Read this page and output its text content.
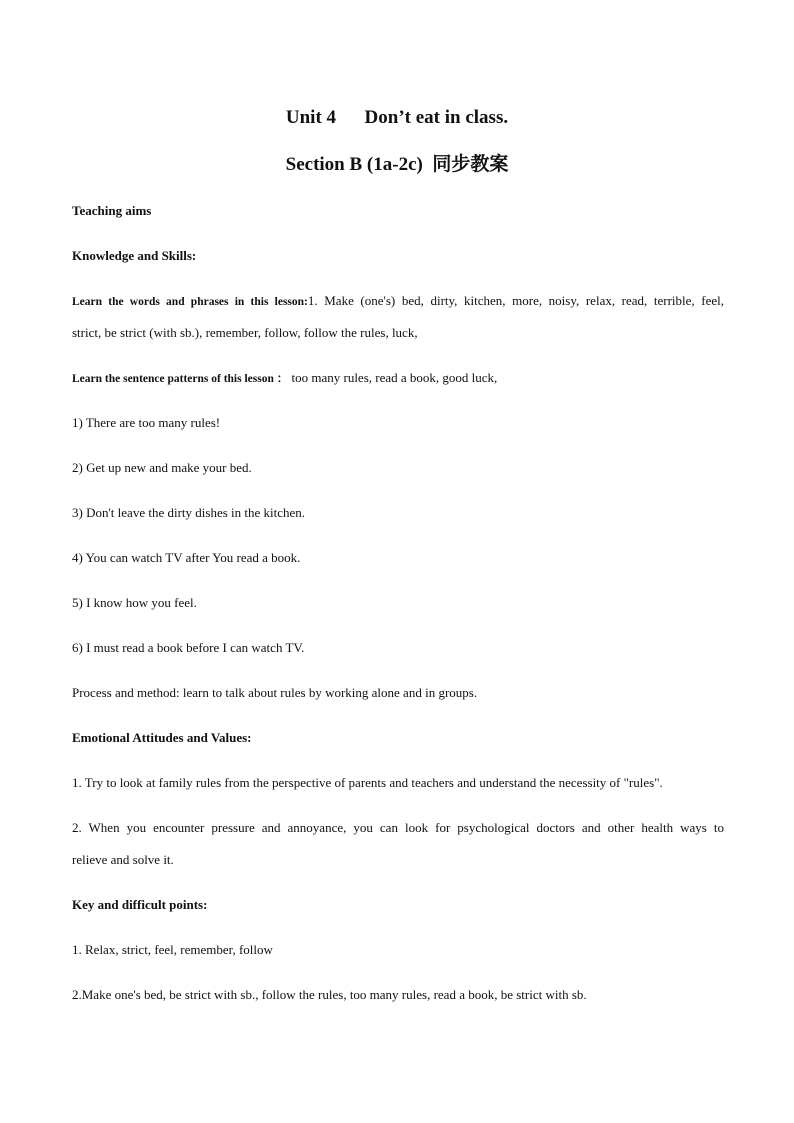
Unit 4      Don’t eat in class.
Section B (1a-2c)  同步教案
Teaching aims
Knowledge and Skills:
Learn the words and phrases in this lesson:1. Make (one's) bed, dirty, kitchen, more, noisy, relax, read, terrible, feel,
strict, be strict (with sb.), remember, follow, follow the rules, luck,
Learn the sentence patterns of this lesson ： too many rules, read a book, good luck,
1) There are too many rules!
2) Get up new and make your bed.
3) Don't leave the dirty dishes in the kitchen.
4) You can watch TV after You read a book.
5) I know how you feel.
6) I must read a book before I can watch TV.
Process and method: learn to talk about rules by working alone and in groups.
Emotional Attitudes and Values:
1. Try to look at family rules from the perspective of parents and teachers and understand the necessity of "rules".
2. When you encounter pressure and annoyance, you can look for psychological doctors and other health ways to
relieve and solve it.
Key and difficult points:
1. Relax, strict, feel, remember, follow
2.Make one's bed, be strict with sb., follow the rules, too many rules, read a book, be strict with sb.
